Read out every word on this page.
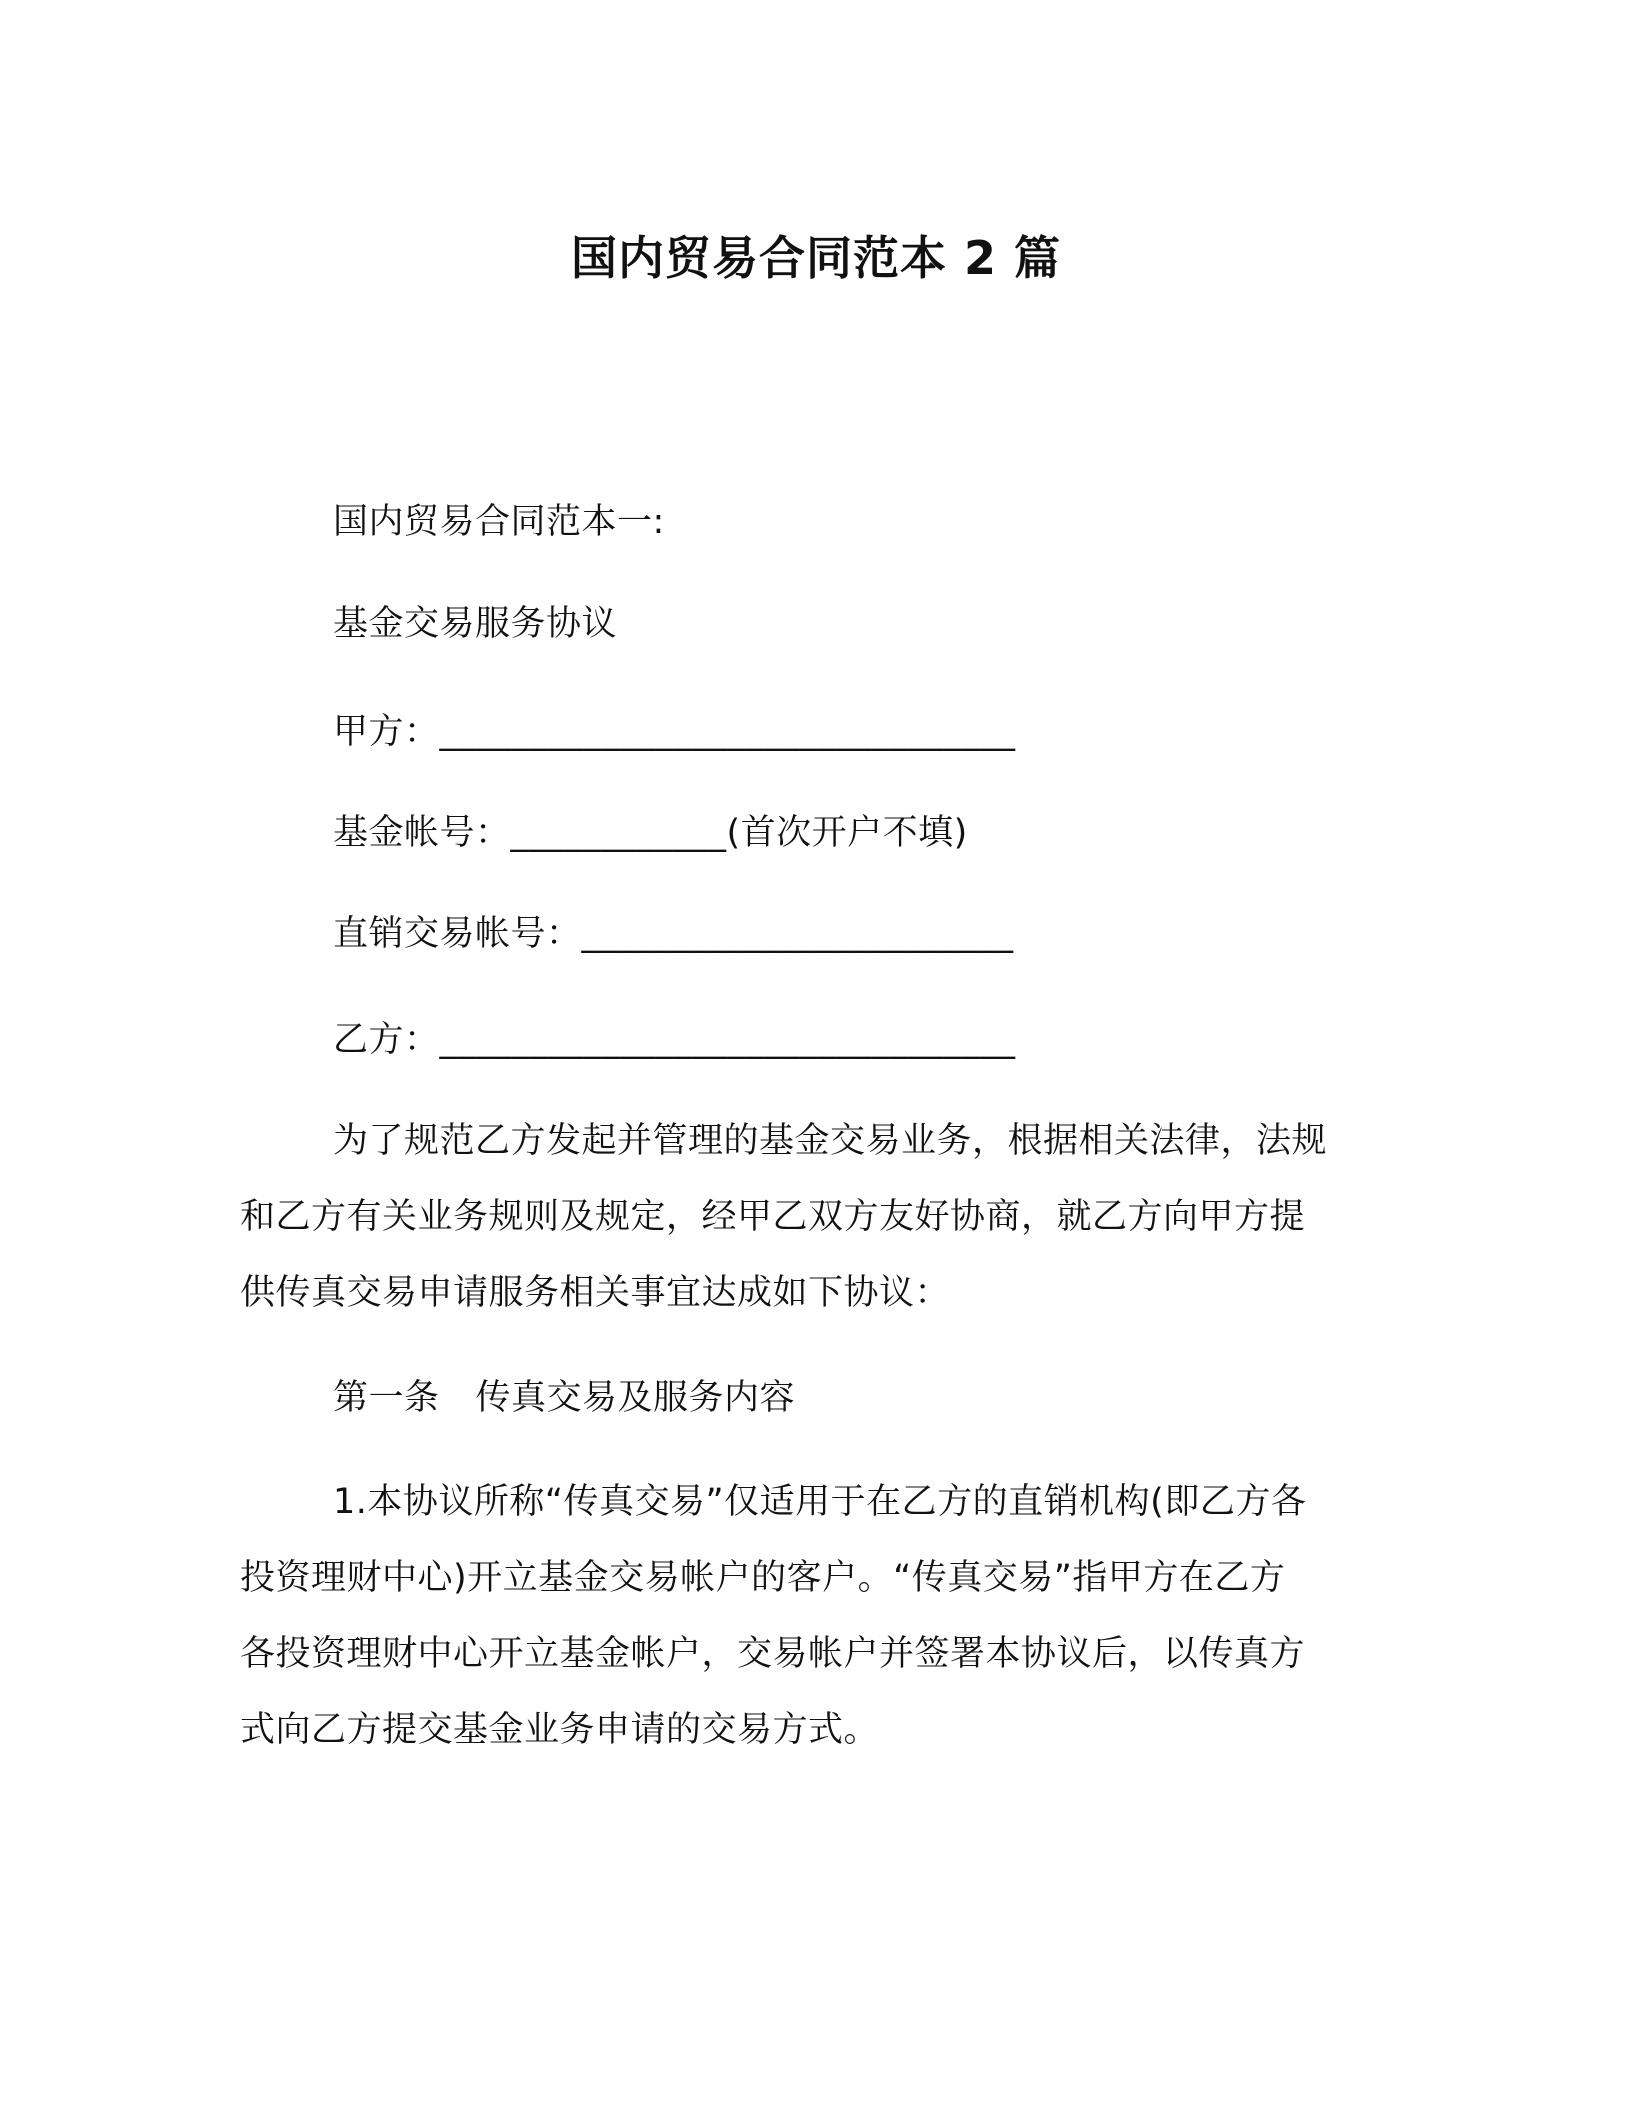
国内贸易合同范本 2 篇
国内贸易合同范本一:
基金交易服务协议
甲方：________________________________
基金帐号：____________(首次开户不填)
直销交易帐号：________________________
乙方：________________________________
为了规范乙方发起并管理的基金交易业务，根据相关法律，法规
和乙方有关业务规则及规定，经甲乙双方友好协商，就乙方向甲方提
供传真交易申请服务相关事宜达成如下协议：
第一条 传真交易及服务内容
1.本协议所称“传真交易”仅适用于在乙方的直销机构(即乙方各
投资理财中心)开立基金交易帐户的客户。“传真交易”指甲方在乙方
各投资理财中心开立基金帐户，交易帐户并签署本协议后，以传真方
式向乙方提交基金业务申请的交易方式。
